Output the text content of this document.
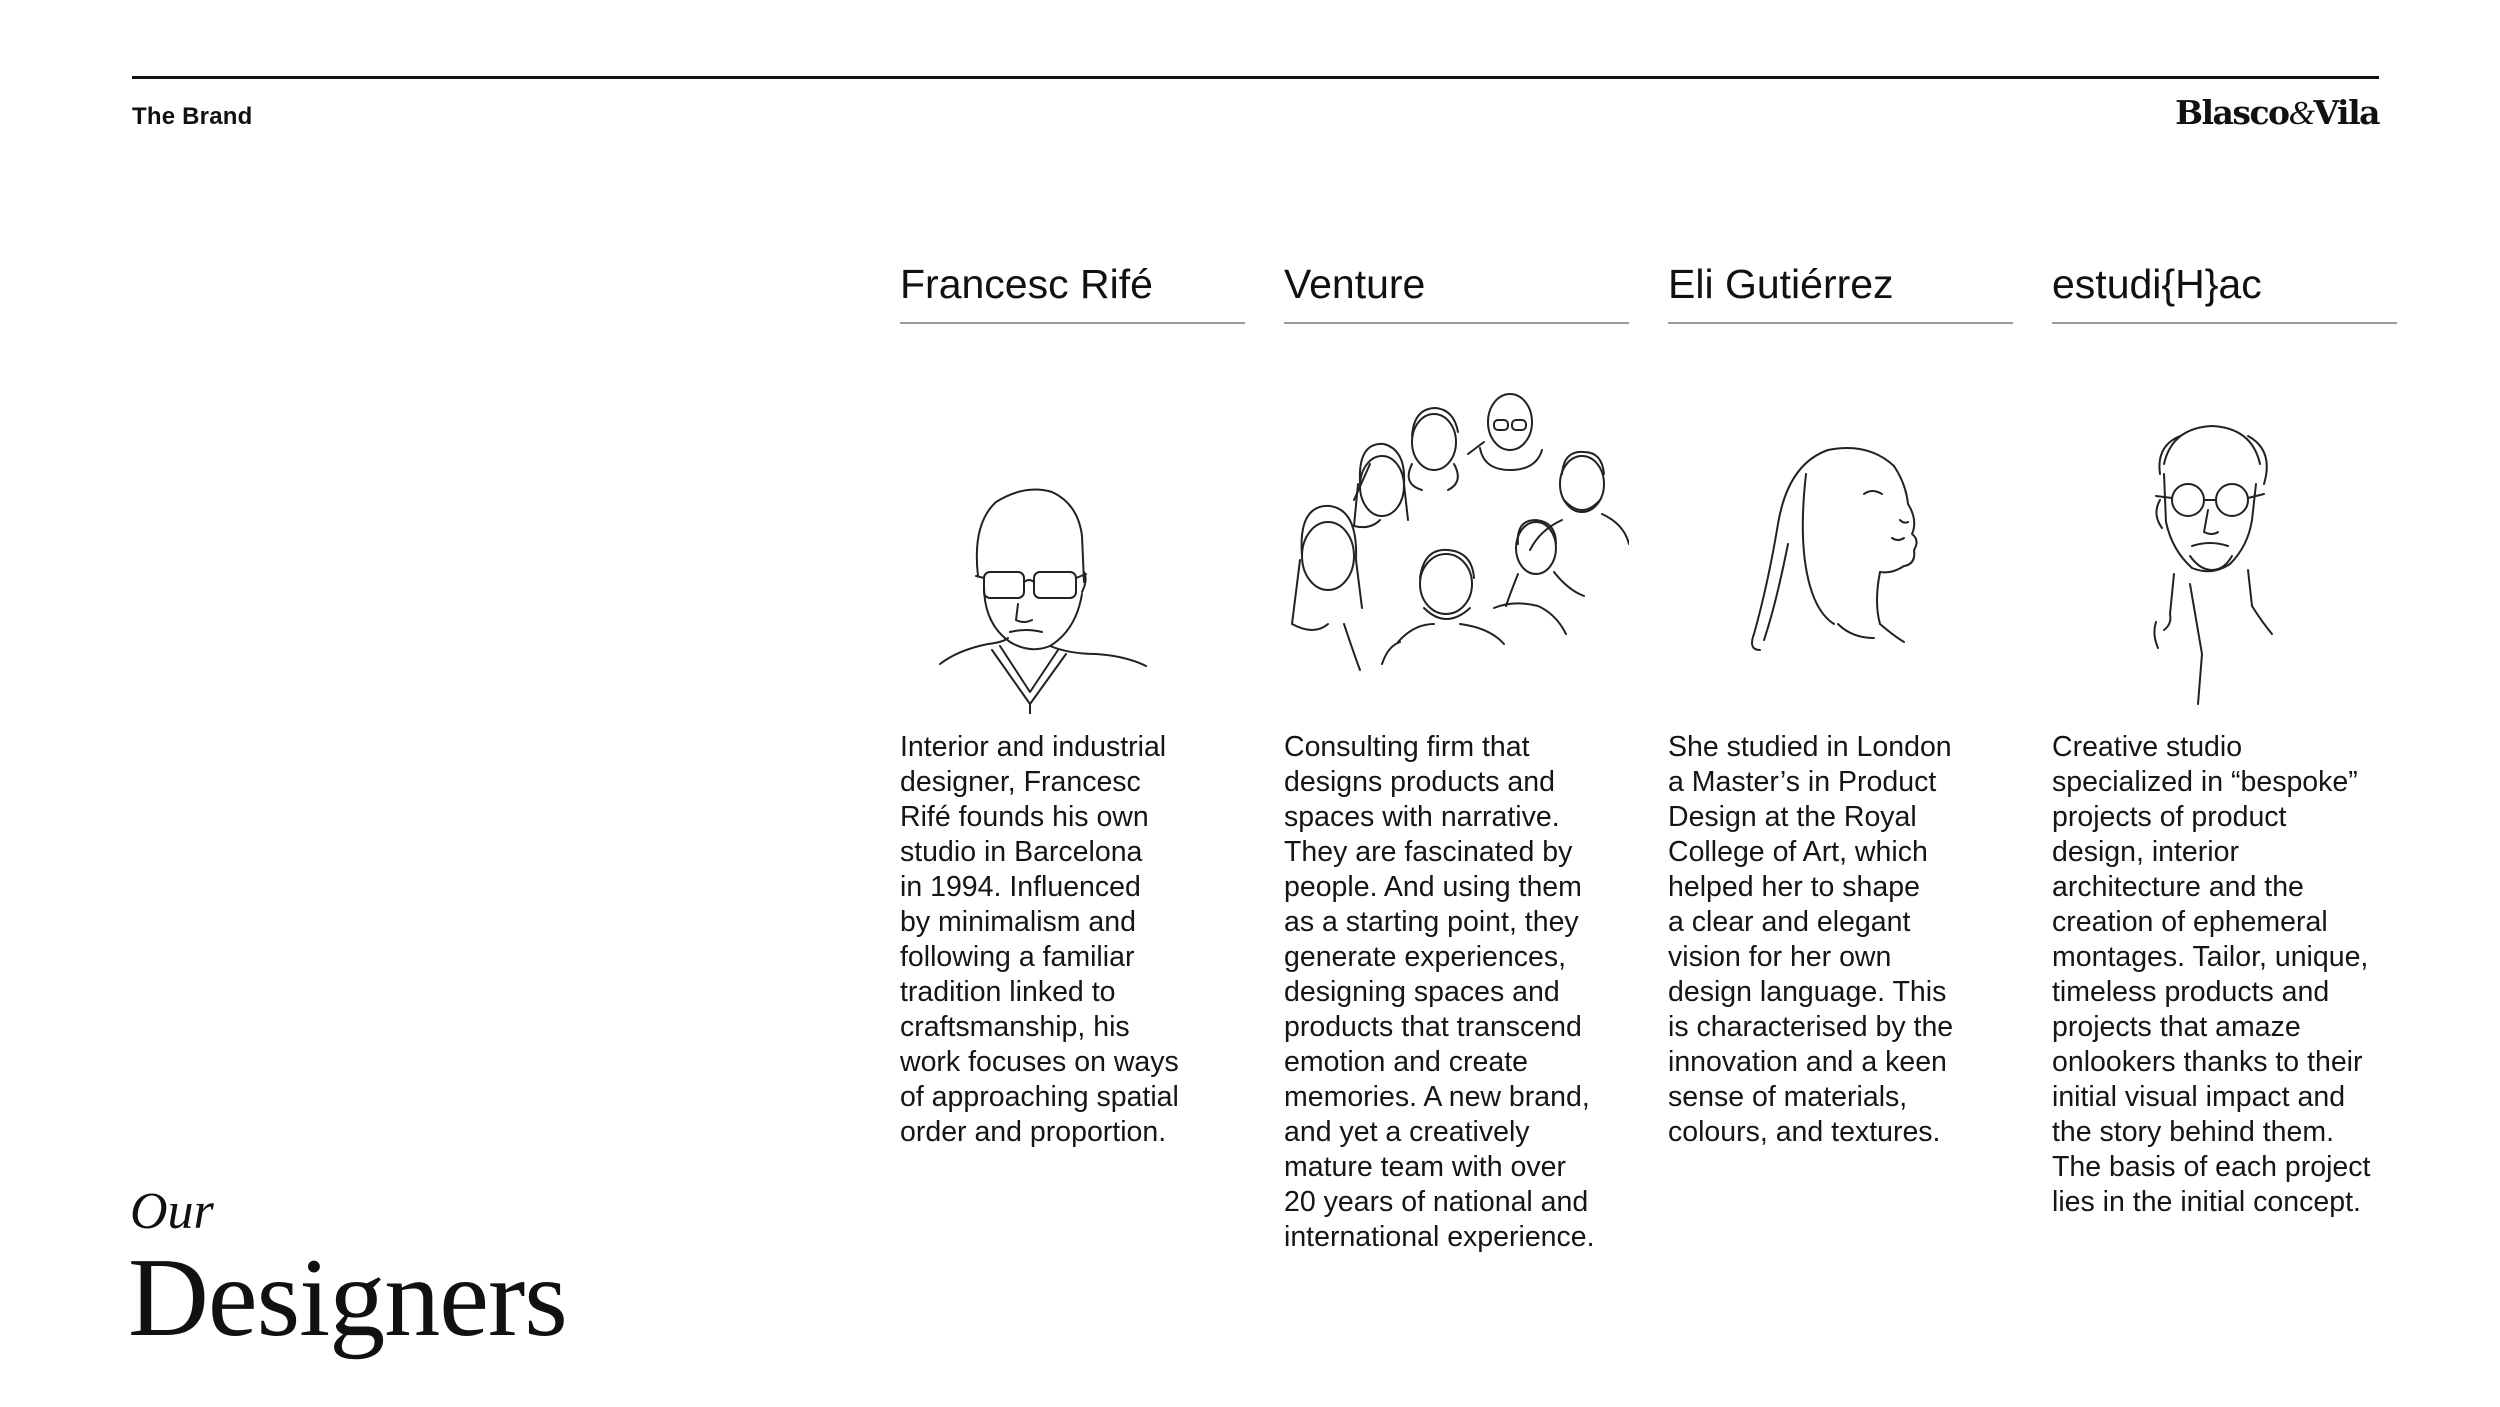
The Brand	Blasco&Vila
Our
Designers
Francesc Rifé
Interior and industrial
designer, Francesc
Rifé founds his own
studio in Barcelona
in 1994. Influenced
by minimalism and
following a familiar
tradition linked to
craftsmanship, his
work focuses on ways
of approaching spatial
order and proportion.
Venture
Consulting firm that
designs products and
spaces with narrative.
They are fascinated by
people. And using them
as a starting point, they
generate experiences,
designing spaces and
products that transcend
emotion and create
memories. A new brand,
and yet a creatively
mature team with over
20 years of national and
international experience.
Eli Gutiérrez
She studied in London
a Master’s in Product
Design at the Royal
College of Art, which
helped her to shape
a clear and elegant
vision for her own
design language. This
is characterised by the
innovation and a keen
sense of materials,
colours, and textures.
estudi{H}ac
Creative studio
specialized in “bespoke”
projects of product
design, interior
architecture and the
creation of ephemeral
montages. Tailor, unique,
timeless products and
projects that amaze
onlookers thanks to their
initial visual impact and
the story behind them.
The basis of each project
lies in the initial concept.
